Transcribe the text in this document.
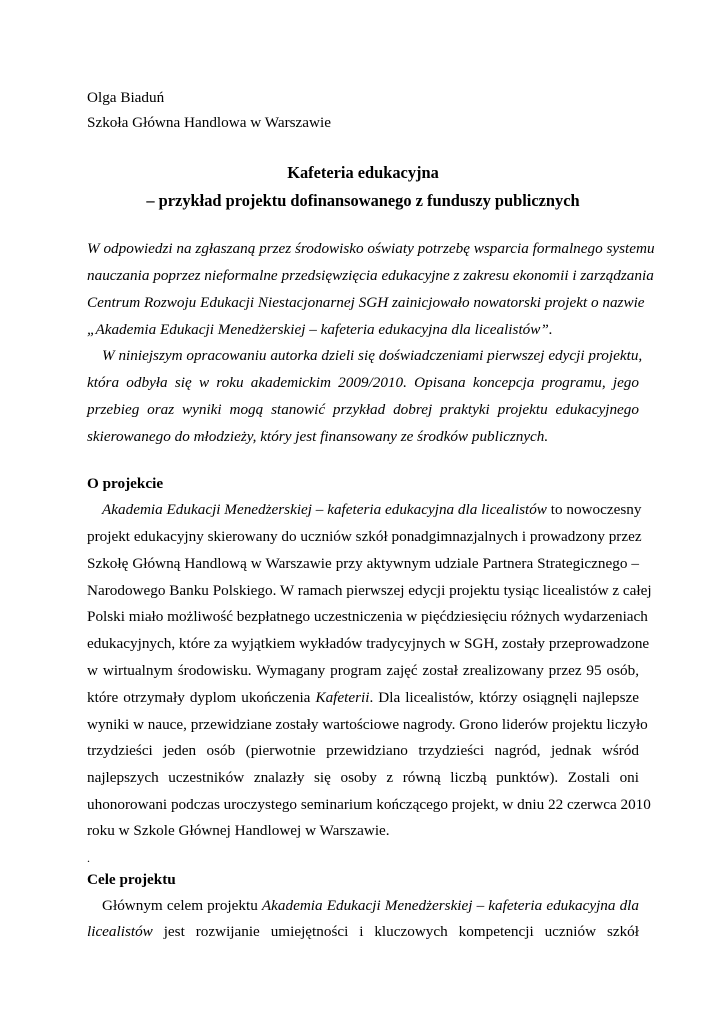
Olga Biaduń
Szkoła Główna Handlowa w Warszawie
Kafeteria edukacyjna
– przykład projektu dofinansowanego z funduszy publicznych
W odpowiedzi na zgłaszaną przez środowisko oświaty potrzebę wsparcia formalnego systemu
nauczania poprzez nieformalne przedsięwzięcia edukacyjne z zakresu ekonomii i zarządzania
Centrum Rozwoju Edukacji Niestacjonarnej SGH zainicjowało nowatorski projekt o nazwie
„Akademia Edukacji Menedżerskiej – kafeteria edukacyjna dla licealistów”.
W niniejszym opracowaniu autorka dzieli się doświadczeniami pierwszej edycji projektu,
która odbyła się w roku akademickim 2009/2010. Opisana koncepcja programu, jego
przebieg oraz wyniki mogą stanowić przykład dobrej praktyki projektu edukacyjnego
skierowanego do młodzieży, który jest finansowany ze środków publicznych.
O projekcie
Akademia Edukacji Menedżerskiej – kafeteria edukacyjna dla licealistów to nowoczesny
projekt edukacyjny skierowany do uczniów szkół ponadgimnazjalnych i prowadzony przez
Szkołę Główną Handlową w Warszawie przy aktywnym udziale Partnera Strategicznego –
Narodowego Banku Polskiego. W ramach pierwszej edycji projektu tysiąc licealistów z całej
Polski miało możliwość bezpłatnego uczestniczenia w pięćdziesięciu różnych wydarzeniach
edukacyjnych, które za wyjątkiem wykładów tradycyjnych w SGH, zostały przeprowadzone
w wirtualnym środowisku. Wymagany program zajęć został zrealizowany przez 95 osób,
które otrzymały dyplom ukończenia Kafeterii. Dla licealistów, którzy osiągnęli najlepsze
wyniki w nauce, przewidziane zostały wartościowe nagrody. Grono liderów projektu liczyło
trzydzieści jeden osób (pierwotnie przewidziano trzydzieści nagród, jednak wśród
najlepszych uczestników znalazły się osoby z równą liczbą punktów). Zostali oni
uhonorowani podczas uroczystego seminarium kończącego projekt, w dniu 22 czerwca 2010
roku w Szkole Głównej Handlowej w Warszawie.
.
Cele projektu
Głównym celem projektu Akademia Edukacji Menedżerskiej – kafeteria edukacyjna dla
licealistów jest rozwijanie umiejętności i kluczowych kompetencji uczniów szkół
